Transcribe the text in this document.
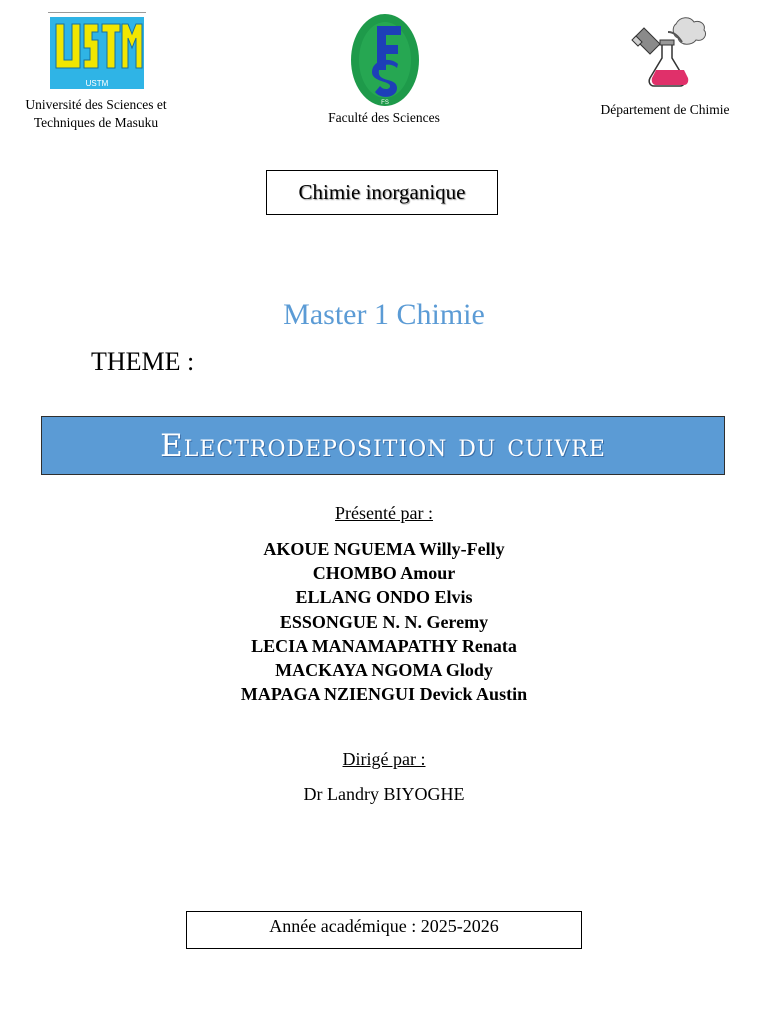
USTM
Université des Sciences et Techniques de Masuku
FS
Faculté des Sciences
Département de Chimie
Chimie inorganique
Master 1 Chimie
THEME :
Electrodeposition du cuivre
Présenté par :
AKOUE NGUEMA Willy-Felly
CHOMBO Amour
ELLANG ONDO Elvis
ESSONGUE N. N. Geremy
LECIA MANAMAPATHY Renata
MACKAYA NGOMA Glody
MAPAGA NZIENGUI Devick Austin
Dirigé par :
Dr Landry BIYOGHE
Année académique : 2025-2026
